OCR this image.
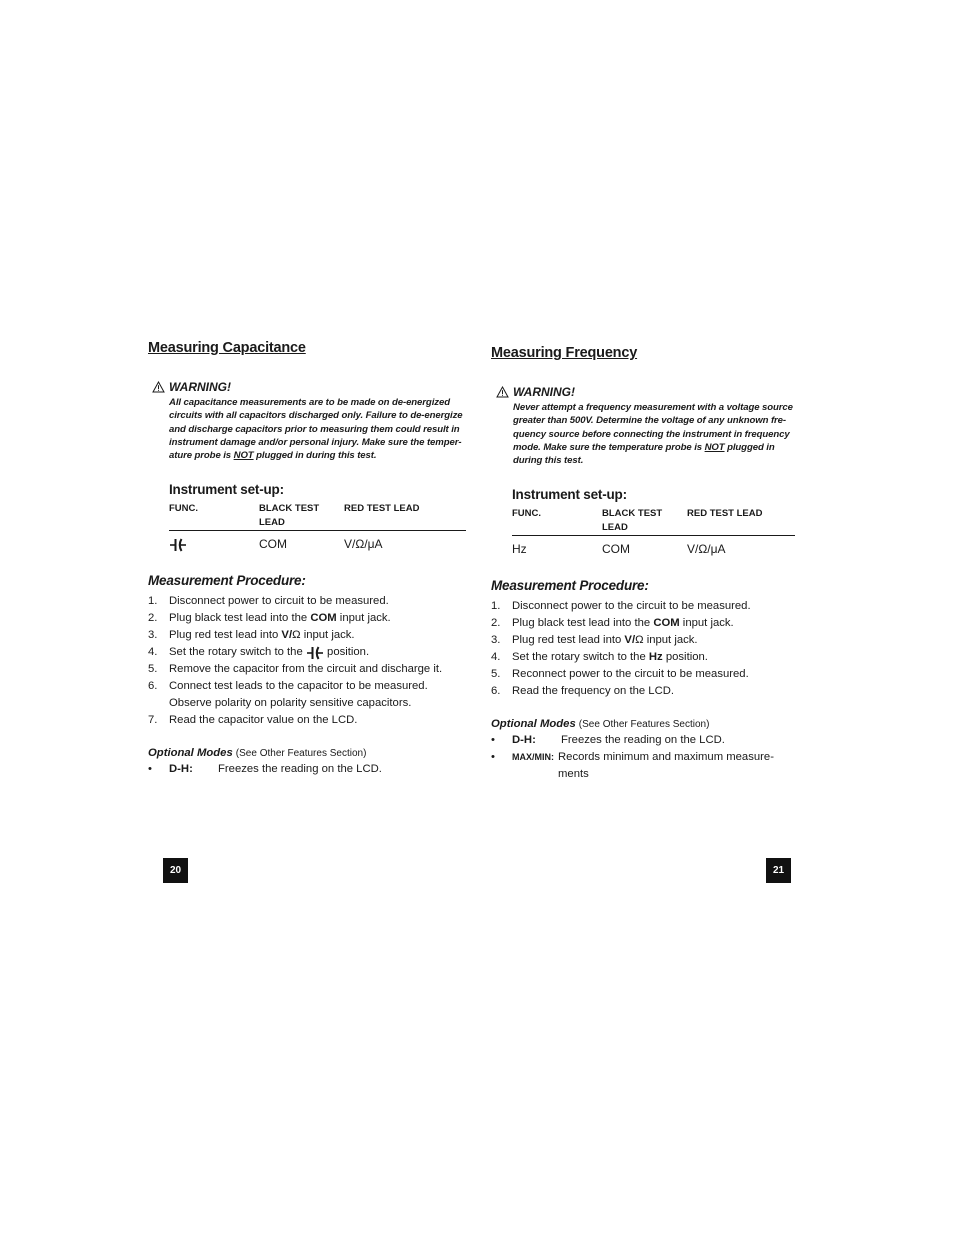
Measuring Capacitance
WARNING!
All capacitance measurements are to be made on de-energized circuits with all capacitors discharged only. Failure to de-energize and discharge capacitors prior to measuring them could result in instrument damage and/or personal injury. Make sure the temper- ature probe is NOT plugged in during this test.
Instrument set-up:
FUNC.	BLACK TEST LEAD	RED TEST LEAD
	COM	V/Ω/μA
Measurement Procedure:
1.	Disconnect power to circuit to be measured.
2.	Plug black test lead into the COM input jack.
3.	Plug red test lead into V/Ω input jack.
4.	Set the rotary switch to the  position.
5.	Remove the capacitor from the circuit and discharge it.
6.	Connect test leads to the capacitor to be measured. Observe polarity on polarity sensitive capacitors.
7.	Read the capacitor value on the LCD.
Optional Modes (See Other Features Section)
•	D-H:	Freezes the reading on the LCD.
Measuring Frequency
WARNING!
Never attempt a frequency measurement with a voltage source greater than 500V. Determine the voltage of any unknown fre- quency source before connecting the instrument in frequency mode. Make sure the temperature probe is NOT plugged in during this test.
Instrument set-up:
FUNC.	BLACK TEST LEAD	RED TEST LEAD
Hz	COM	V/Ω/μA
Measurement Procedure:
1.	Disconnect power to the circuit to be measured.
2.	Plug black test lead into the COM input jack.
3.	Plug red test lead into V/Ω input jack.
4.	Set the rotary switch to the Hz position.
5.	Reconnect power to the circuit to be measured.
6.	Read the frequency on the LCD.
Optional Modes (See Other Features Section)
•	D-H:	Freezes the reading on the LCD.
•	MAX/MIN: Records minimum and maximum measure- ments
20	21
